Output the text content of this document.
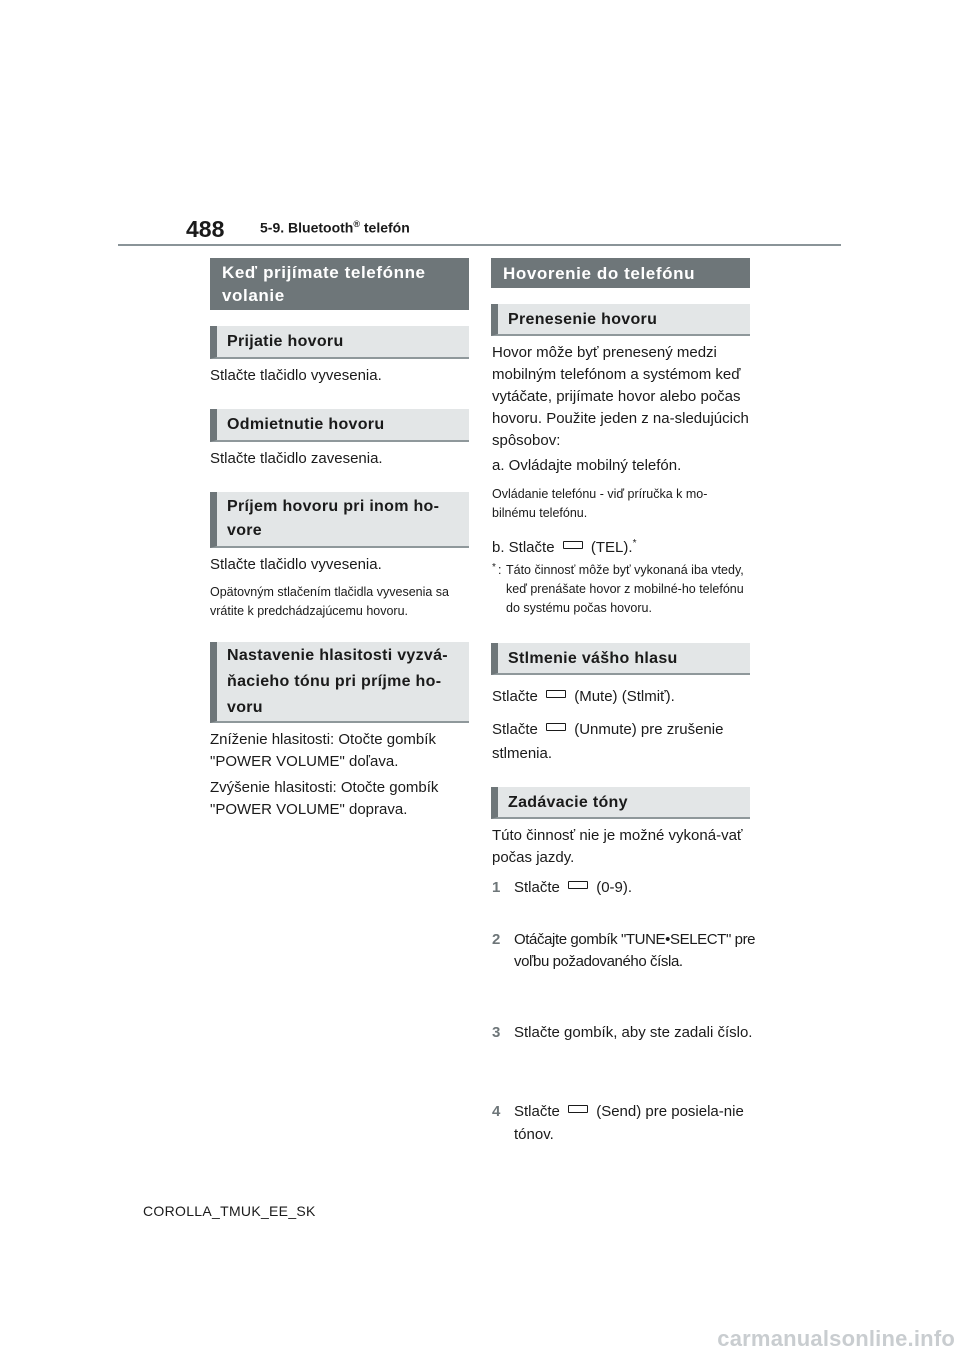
488	5-9. Bluetooth® telefón
Keď prijímate telefónne volanie
Prijatie hovoru
Stlačte tlačidlo vyvesenia.
Odmietnutie hovoru
Stlačte tlačidlo zavesenia.
Príjem hovoru pri inom ho-vore
Stlačte tlačidlo vyvesenia.
Opätovným stlačením tlačidla vyvesenia sa vrátite k predchádzajúcemu hovoru.
Nastavenie hlasitosti vyzvá-ňacieho tónu pri príjme ho-voru
Zníženie hlasitosti: Otočte gombík "POWER VOLUME" doľava.
Zvýšenie hlasitosti: Otočte gombík "POWER VOLUME" doprava.
Hovorenie do telefónu
Prenesenie hovoru
Hovor môže byť prenesený medzi mobilným telefónom a systémom keď vytáčate, prijímate hovor alebo počas hovoru. Použite jeden z na-sledujúcich spôsobov:
a. Ovládajte mobilný telefón.
Ovládanie telefónu - viď príručka k mo-bilnému telefónu.
b. Stlačte (TEL).*
* : Táto činnosť môže byť vykonaná iba vtedy, keď prenášate hovor z mobilné-ho telefónu do systému počas hovoru.
Stlmenie vášho hlasu
Stlačte (Mute) (Stlmiť).
Stlačte (Unmute) pre zrušenie stlmenia.
Zadávacie tóny
Túto činnosť nie je možné vykoná-vať počas jazdy.
1 Stlačte (0-9).
2 Otáčajte gombík "TUNE•SELECT" pre voľbu požadovaného čísla.
3 Stlačte gombík, aby ste zadali číslo.
4 Stlačte (Send) pre posiela-nie tónov.
COROLLA_TMUK_EE_SK
carmanualsonline.info
